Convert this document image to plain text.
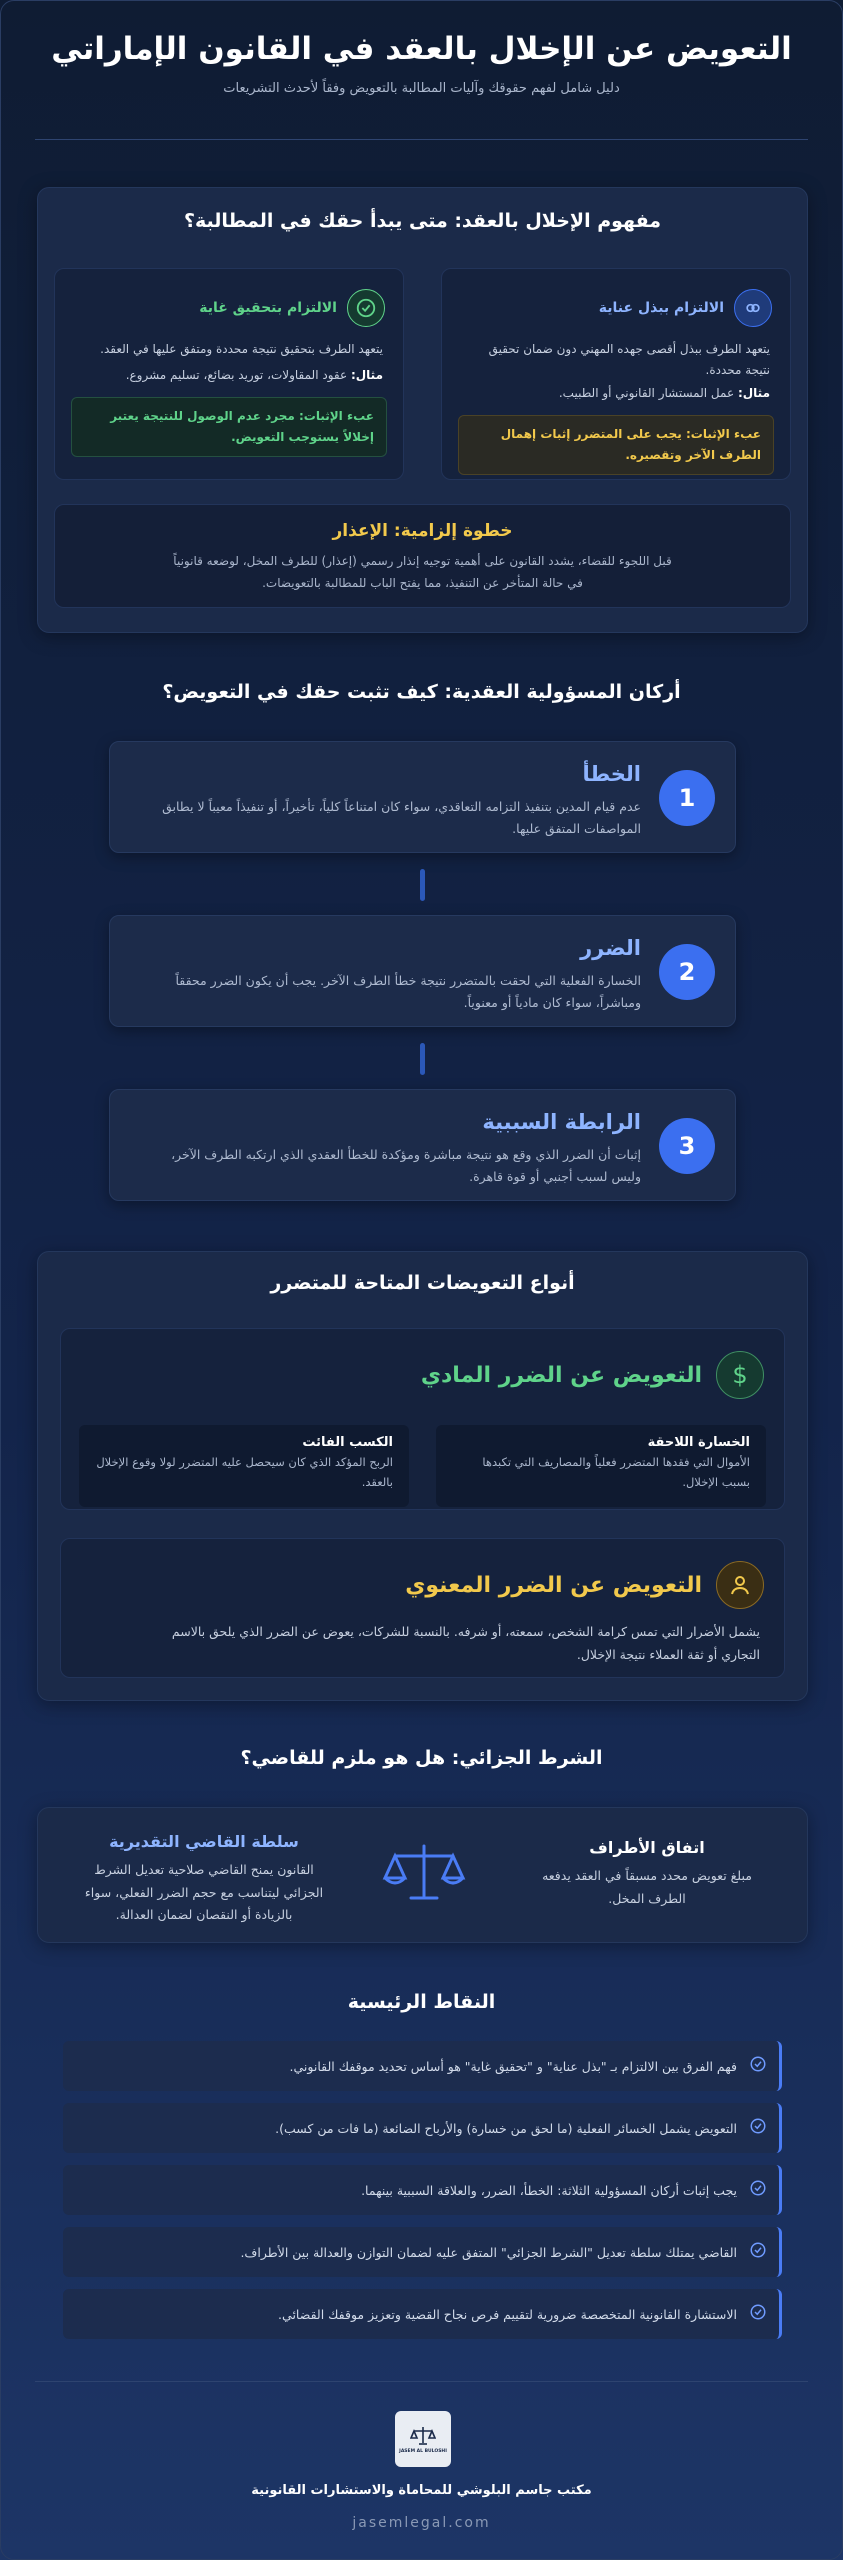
التعويض عن الإخلال بالعقد في القانون الإماراتي

دليل شامل لفهم حقوقك وآليات المطالبة بالتعويض وفقاً لأحدث التشريعات

مفهوم الإخلال بالعقد: متى يبدأ حقك في المطالبة؟
الالتزام ببذل عناية
يتعهد الطرف ببذل أقصى جهده المهني دون ضمان تحقيق نتيجة محددة.
مثال: عمل المستشار القانوني أو الطبيب.
عبء الإثبات: يجب على المتضرر إثبات إهمال الطرف الآخر وتقصيره.
الالتزام بتحقيق غاية
يتعهد الطرف بتحقيق نتيجة محددة ومتفق عليها في العقد.
مثال: عقود المقاولات، توريد بضائع، تسليم مشروع.
عبء الإثبات: مجرد عدم الوصول للنتيجة يعتبر إخلالاً يستوجب التعويض.
خطوة إلزامية: الإعذار
قبل اللجوء للقضاء، يشدد القانون على أهمية توجيه إنذار رسمي (إعذار) للطرف المخل، لوضعه قانونياً في حالة المتأخر عن التنفيذ، مما يفتح الباب للمطالبة بالتعويضات.
أركان المسؤولية العقدية: كيف تثبت حقك في التعويض؟
1
الخطأ

عدم قيام المدين بتنفيذ التزامه التعاقدي، سواء كان امتناعاً كلياً، تأخيراً، أو تنفيذاً معيباً لا يطابق المواصفات المتفق عليها.

2
الضرر

الخسارة الفعلية التي لحقت بالمتضرر نتيجة خطأ الطرف الآخر. يجب أن يكون الضرر محققاً ومباشراً، سواء كان مادياً أو معنوياً.

3
الرابطة السببية

إثبات أن الضرر الذي وقع هو نتيجة مباشرة ومؤكدة للخطأ العقدي الذي ارتكبه الطرف الآخر، وليس لسبب أجنبي أو قوة قاهرة.

أنواع التعويضات المتاحة للمتضرر
$
التعويض عن الضرر المادي
الخسارة اللاحقة

الأموال التي فقدها المتضرر فعلياً والمصاريف التي تكبدها بسبب الإخلال.

الكسب الفائت

الربح المؤكد الذي كان سيحصل عليه المتضرر لولا وقوع الإخلال بالعقد.

التعويض عن الضرر المعنوي
يشمل الأضرار التي تمس كرامة الشخص، سمعته، أو شرفه. بالنسبة للشركات، يعوض عن الضرر الذي يلحق بالاسم التجاري أو ثقة العملاء نتيجة الإخلال.
الشرط الجزائي: هل هو ملزم للقاضي؟
اتفاق الأطراف
مبلغ تعويض محدد مسبقاً في العقد يدفعه الطرف المخل.
سلطة القاضي التقديرية
القانون يمنح القاضي صلاحية تعديل الشرط الجزائي ليتناسب مع حجم الضرر الفعلي، سواء بالزيادة أو النقصان لضمان العدالة.
النقاط الرئيسية
فهم الفرق بين الالتزام بـ "بذل عناية" و "تحقيق غاية" هو أساس تحديد موقفك القانوني.
التعويض يشمل الخسائر الفعلية (ما لحق من خسارة) والأرباح الضائعة (ما فات من كسب).
يجب إثبات أركان المسؤولية الثلاثة: الخطأ، الضرر، والعلاقة السببية بينهما.
القاضي يمتلك سلطة تعديل "الشرط الجزائي" المتفق عليه لضمان التوازن والعدالة بين الأطراف.
الاستشارة القانونية المتخصصة ضرورية لتقييم فرص نجاح القضية وتعزيز موقفك القضائي.
JASEM AL BULOSHI
مكتب جاسم البلوشي للمحاماة والاستشارات القانونية
jasemlegal.com
